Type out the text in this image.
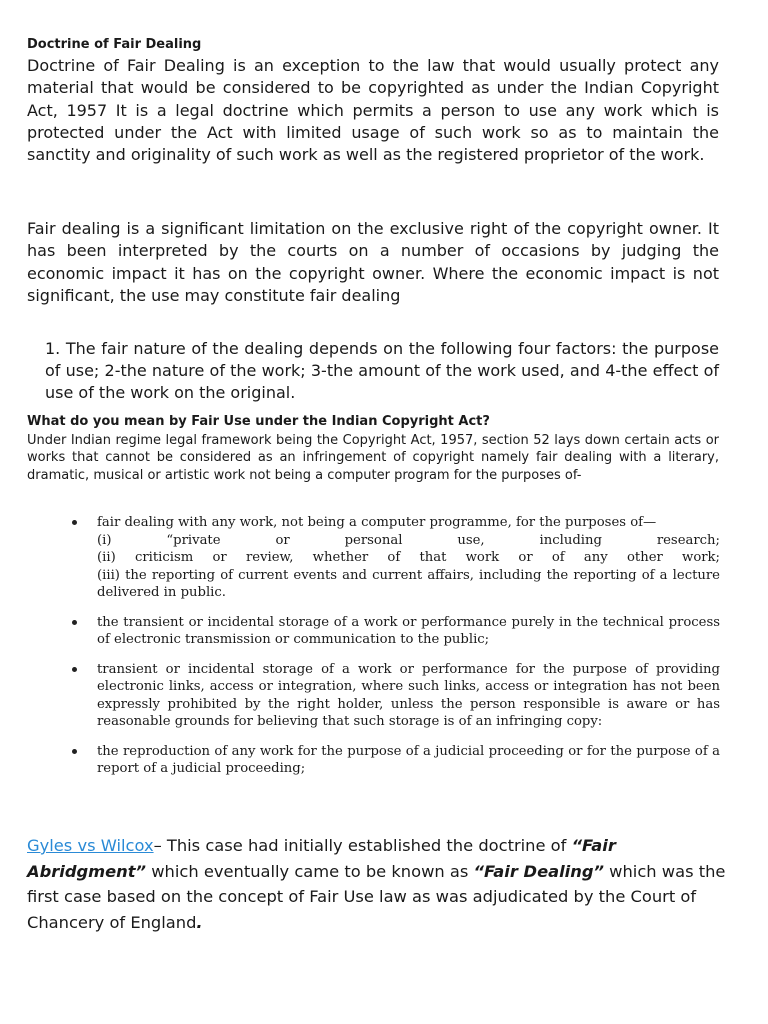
Doctrine of Fair Dealing
Doctrine of Fair Dealing is an exception to the law that would usually protect any material that would be considered to be copyrighted as under the Indian Copyright Act, 1957 It is a legal doctrine which permits a person to use any work which is protected under the Act with limited usage of such work so as to maintain the sanctity and originality of such work as well as the registered proprietor of the work.
Fair dealing is a significant limitation on the exclusive right of the copyright owner. It has been interpreted by the courts on a number of occasions by judging the economic impact it has on the copyright owner. Where the economic impact is not significant, the use may constitute fair dealing
1. The fair nature of the dealing depends on the following four factors: the purpose of use; 2-the nature of the work; 3-the amount of the work used, and 4-the effect of use of the work on the original.
What do you mean by Fair Use under the Indian Copyright Act?
Under Indian regime legal framework being the Copyright Act, 1957, section 52 lays down certain acts or works that cannot be considered as an infringement of copyright namely fair dealing with a literary, dramatic, musical or artistic work not being a computer program for the purposes of-
fair dealing with any work, not being a computer programme, for the purposes of—
(i) “private or personal use, including research;
(ii) criticism or review, whether of that work or of any other work;
(iii) the reporting of current events and current affairs, including the reporting of a lecture delivered in public.
the transient or incidental storage of a work or performance purely in the technical process of electronic transmission or communication to the public;
transient or incidental storage of a work or performance for the purpose of providing electronic links, access or integration, where such links, access or integration has not been expressly prohibited by the right holder, unless the person responsible is aware or has reasonable grounds for believing that such storage is of an infringing copy:
the reproduction of any work for the purpose of a judicial proceeding or for the purpose of a report of a judicial proceeding;
Gyles vs Wilcox– This case had initially established the doctrine of “Fair Abridgment” which eventually came to be known as “Fair Dealing” which was the first case based on the concept of Fair Use law as was adjudicated by the Court of Chancery of England.
